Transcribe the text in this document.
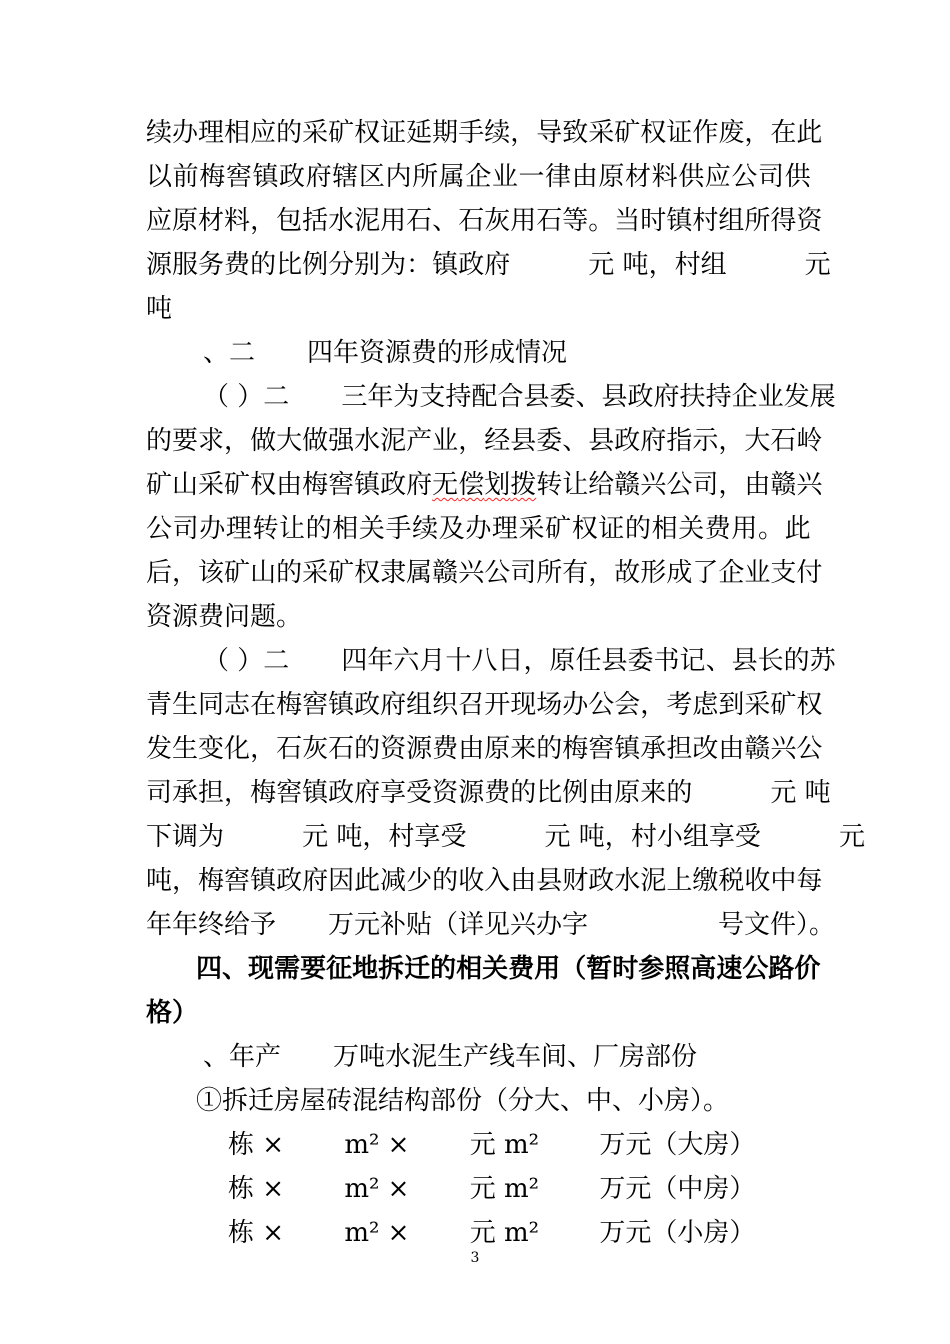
续 办 理 相 应 的 采 矿 权 证 延 期 手 续 ， 导 致 采 矿 权 证 作 废 ， 在 此
以 前 梅 窖 镇 政 府 辖 区 内 所 属 企 业 一 律 由 原 材 料 供 应 公 司 供
应 原 材 料 ， 包 括 水 泥 用 石 、 石 灰 用 石 等 。 当 时 镇 村 组 所 得 资
源 服 务 费 的 比 例 分 别 为 ： 镇 政 府

　	元
吨 ， 村 组

　	元
吨
、二　　四年资源费的形成情况
（
） 二

　 三 年 为 支 持 配 合 县 委 、 县 政 府 扶 持 企 业 发 展
的 要 求 ， 做 大 做 强 水 泥 产 业 ， 经 县 委 、 县 政 府 指 示 ， 大 石 岭
矿 山 采 矿 权 由 梅 窖 镇 政 府 无 偿 划 拨 转 让 给 赣 兴 公 司 ， 由 赣 兴
公 司 办 理 转 让 的 相 关 手 续 及 办 理 采 矿 权 证 的 相 关 费 用 。 此
后 ， 该 矿 山 的 采 矿 权 隶 属 赣 兴 公 司 所 有 ， 故 形 成 了 企 业 支 付
资源费问题。
（
） 二

　 四 年 六 月 十 八 日 ， 原 任 县 委 书 记 、 县 长 的 苏
青 生 同 志 在 梅 窖 镇 政 府 组 织 召 开 现 场 办 公 会 ， 考 虑 到 采 矿 权
发 生 变 化 ， 石 灰 石 的 资 源 费 由 原 来 的 梅 窖 镇 承 担 改 由 赣 兴 公
司 承 担 ， 梅 窖 镇 政 府 享 受 资 源 费 的 比 例 由 原 来 的

　	元
吨
下 调 为

　	元
吨 ， 村 享 受

　	元
吨 ， 村 小 组 享 受

　	元
吨 ， 梅 窖 镇 政 府 因 此 减 少 的 收 入 由 县 财 政 水 泥 上 缴 税 收 中 每
年年终给予　　万元补贴（详见兴办字　　　　　号文件）。
四 、 现 需 要 征 地 拆 迁 的 相 关 费 用 （ 暂 时 参 照 高 速 公 路 价
格）
、年产　　万吨水泥生产线车间、厂房部份
①拆迁房屋砖混结构部份（分大、中、小房）。
栋 ×　　 m² ×　　 元 m²　　 万元（大房）
栋 ×　　 m² ×　　 元 m²　　 万元（中房）
栋 ×　　 m² ×　　 元 m²　　 万元（小房）
3
